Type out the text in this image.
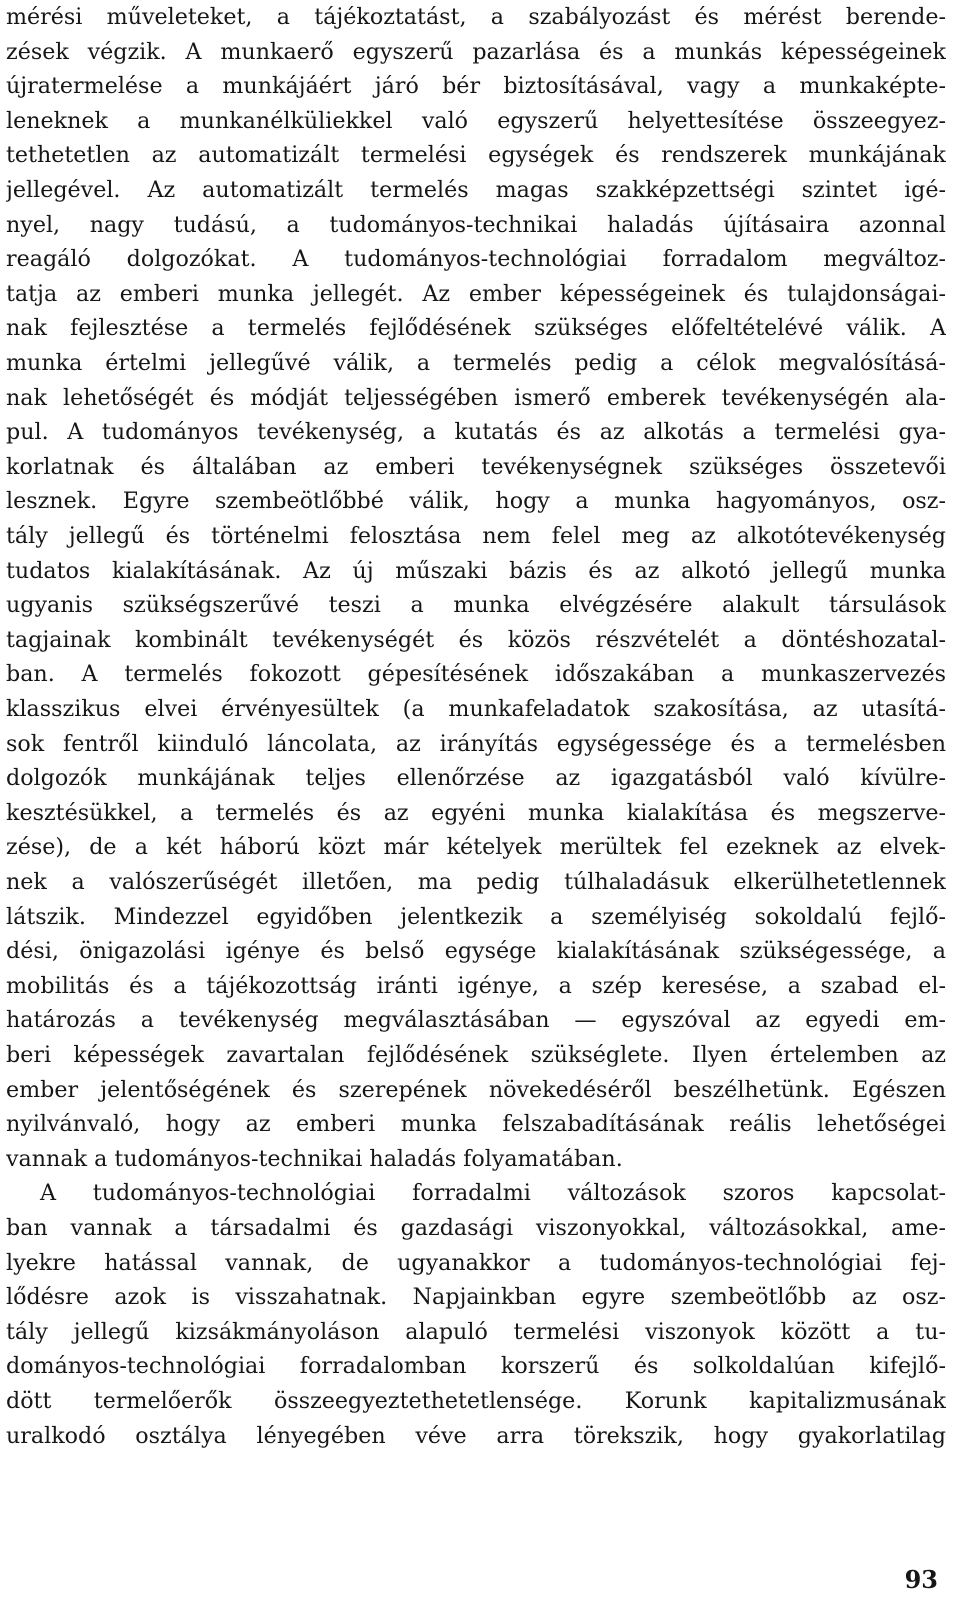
mérési műveleteket, a tájékoztatást, a szabályozást és mérést berende-
zések végzik. A munkaerő egyszerű pazarlása és a munkás képességeinek
újratermelése a munkájáért járó bér biztosításával, vagy a munkaképte-
leneknek a munkanélküliekkel való egyszerű helyettesítése összeegyez-
tethetetlen az automatizált termelési egységek és rendszerek munkájának
jellegével. Az automatizált termelés magas szakképzettségi szintet igé-
nyel, nagy tudású, a tudományos-technikai haladás újításaira azonnal
reagáló dolgozókat. A tudományos-technológiai forradalom megváltoz-
tatja az emberi munka jellegét. Az ember képességeinek és tulajdonságai-
nak fejlesztése a termelés fejlődésének szükséges előfeltételévé válik. A
munka értelmi jellegűvé válik, a termelés pedig a célok megvalósításá-
nak lehetőségét és módját teljességében ismerő emberek tevékenységén ala-
pul. A tudományos tevékenység, a kutatás és az alkotás a termelési gya-
korlatnak és általában az emberi tevékenységnek szükséges összetevői
lesznek. Egyre szembeötlőbbé válik, hogy a munka hagyományos, osz-
tály jellegű és történelmi felosztása nem felel meg az alkotótevékenység
tudatos kialakításának. Az új műszaki bázis és az alkotó jellegű munka
ugyanis szükségszerűvé teszi a munka elvégzésére alakult társulások
tagjainak kombinált tevékenységét és közös részvételét a döntéshozatal-
ban. A termelés fokozott gépesítésének időszakában a munkaszervezés
klasszikus elvei érvényesültek (a munkafeladatok szakosítása, az utasítá-
sok fentről kiinduló láncolata, az irányítás egységessége és a termelésben
dolgozók munkájának teljes ellenőrzése az igazgatásból való kívülre-
kesztésükkel, a termelés és az egyéni munka kialakítása és megszerve-
zése), de a két háború közt már kételyek merültek fel ezeknek az elvek-
nek a valószerűségét illetően, ma pedig túlhaladásuk elkerülhetetlennek
látszik. Mindezzel egyidőben jelentkezik a személyiség sokoldalú fejlő-
dési, önigazolási igénye és belső egysége kialakításának szükségessége, a
mobilitás és a tájékozottság iránti igénye, a szép keresése, a szabad el-
határozás a tevékenység megválasztásában — egyszóval az egyedi em-
beri képességek zavartalan fejlődésének szükséglete. Ilyen értelemben az
ember jelentőségének és szerepének növekedéséről beszélhetünk. Egészen
nyilvánvaló, hogy az emberi munka felszabadításának reális lehetőségei
vannak a tudományos-technikai haladás folyamatában.
A tudományos-technológiai forradalmi változások szoros kapcsolat-
ban vannak a társadalmi és gazdasági viszonyokkal, változásokkal, ame-
lyekre hatással vannak, de ugyanakkor a tudományos-technológiai fej-
lődésre azok is visszahatnak. Napjainkban egyre szembeötlőbb az osz-
tály jellegű kizsákmányoláson alapuló termelési viszonyok között a tu-
dományos-technológiai forradalomban korszerű és solkoldalúan kifejlő-
dött termelőerők összeegyeztethetetlensége. Korunk kapitalizmusának
uralkodó osztálya lényegében véve arra törekszik, hogy gyakorlatilag
93
